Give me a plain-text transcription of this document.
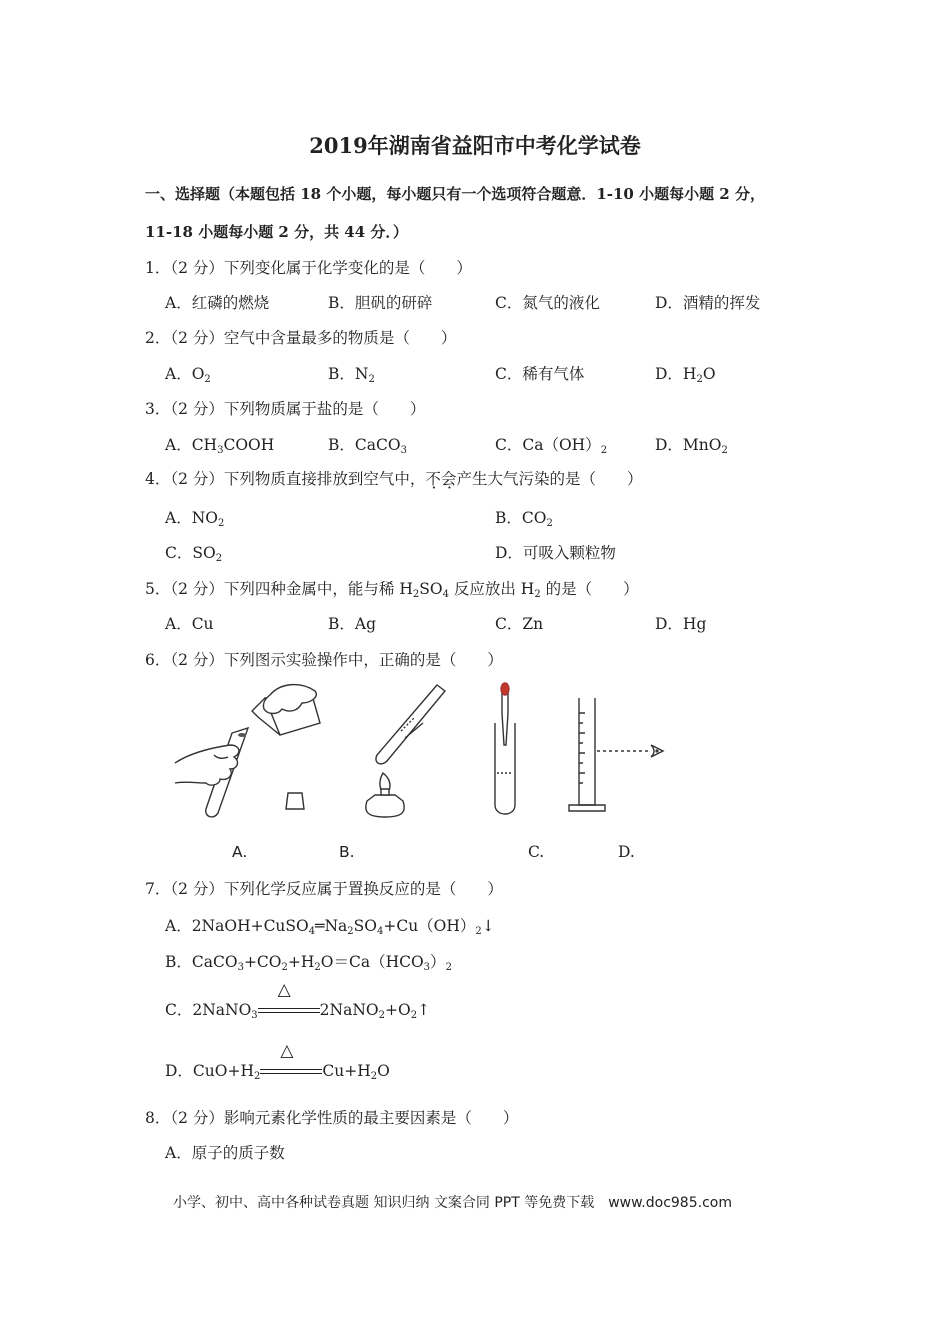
2019年湖南省益阳市中考化学试卷
一、选择题（本题包括 18 个小题，每小题只有一个选项符合题意．1-10 小题每小题 2 分，
11-18 小题每小题 2 分，共 44 分．）
1．（2 分）下列变化属于化学变化的是（　　）
A．红磷的燃烧	B．胆矾的研碎	C．氮气的液化	D．酒精的挥发
2．（2 分）空气中含量最多的物质是（　　）
A．$O_2$	B．$N_2$	C．稀有气体	D．$H_2O$
3．（2 分）下列物质属于盐的是（　　）
A．$CH_3COOH$	B．CaCO$_3$	C．$Ca(OH)_2$	D．MnO$_2$
4．（2 分）下列物质直接排放到空气中，不会产生大气污染的是（　　）
A．$NO_2$	B．$CO_2$
C．$SO_2$	D．可吸入颗粒物
5．（2 分）下列四种金属中，能与稀 $H_2SO_4$ 反应放出 $H_2$ 的是（　　）
A．Cu	B．Ag	C．Zn	D．Hg
6．（2 分）下列图示实验操作中，正确的是（　　）
A.	B.	C.	D.
7．（2 分）下列化学反应属于置换反应的是（　　）
A．$2NaOH+CuSO_4═Na_2SO_4+Cu(OH)_2↓$
B．$CaCO_3+CO_2+H_2O=Ca(HCO_3)_2$
C．2NaNO$_3$
△
$2NaNO_2+O_2↑$
D．$CuO+H_2$
△
$Cu+H_2O$
8．（2 分）影响元素化学性质的最主要因素是（　　）
A．原子的质子数
小学、初中、高中各种试卷真题 知识归纳 文案合同 PPT 等免费下载　www.doc985.com
